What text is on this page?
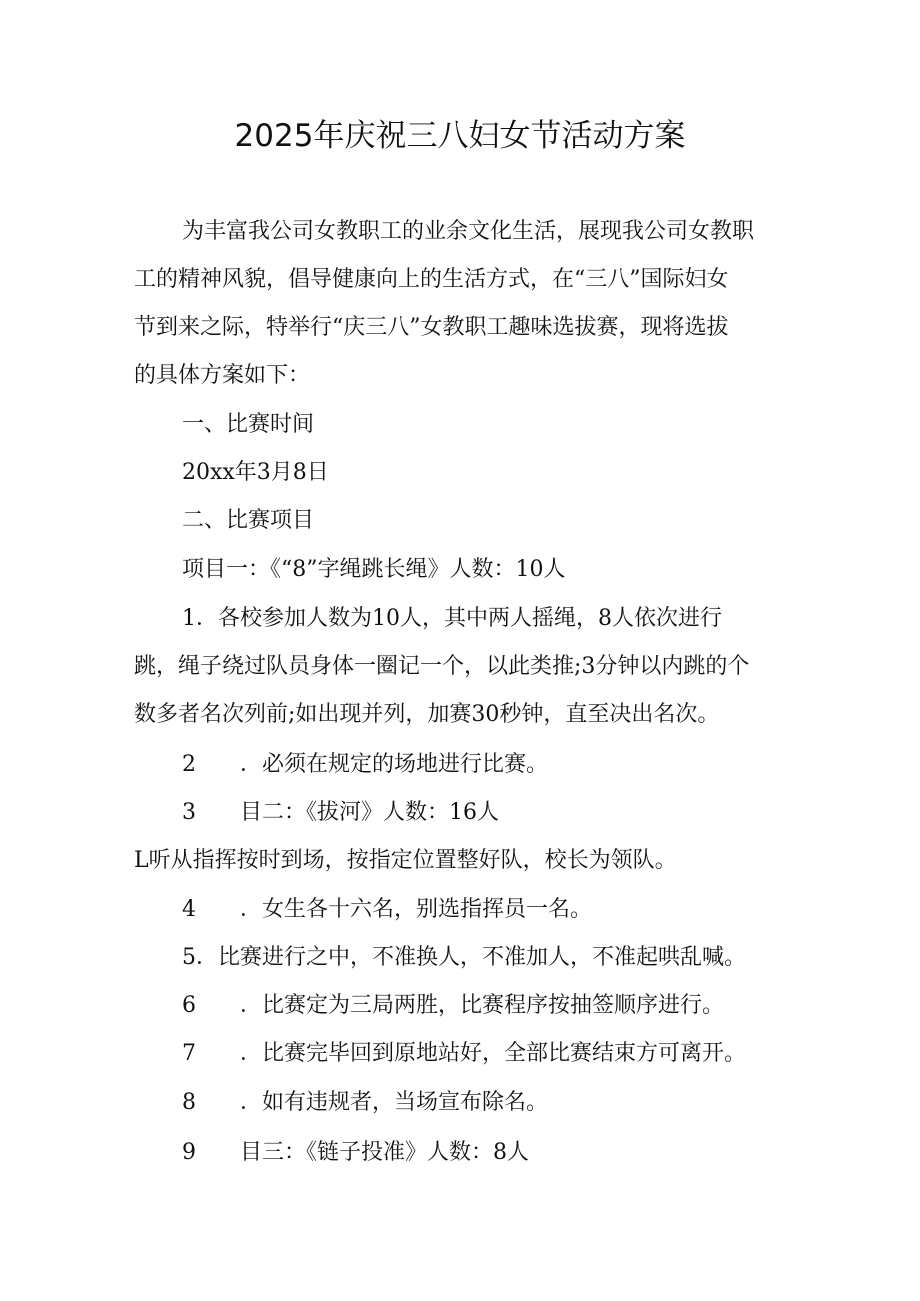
2025年庆祝三八妇女节活动方案
为丰富我公司女教职工的业余文化生活，展现我公司女教职
工的精神风貌，倡导健康向上的生活方式，在“三八”国际妇女
节到来之际，特举行“庆三八”女教职工趣味选拔赛，现将选拔
的具体方案如下：

一、比赛时间

20xx年3月8日

二、比赛项目

项目一：《“8”字绳跳长绳》人数：10人

1．各校参加人数为10人，其中两人摇绳，8人依次进行
跳，绳子绕过队员身体一圈记一个，以此类推;3分钟以内跳的个
数多者名次列前;如出现并列，加赛30秒钟，直至决出名次。

2 ．必须在规定的场地进行比赛。

3 目二：《拔河》人数：16人

L听从指挥按时到场，按指定位置整好队，校长为领队。

4 ．女生各十六名，别选指挥员一名。

5．比赛进行之中，不准换人，不准加人，不准起哄乱喊。

6 ．比赛定为三局两胜，比赛程序按抽签顺序进行。

7 ．比赛完毕回到原地站好，全部比赛结束方可离开。

8 ．如有违规者，当场宣布除名。

9 目三：《链子投准》人数：8人
